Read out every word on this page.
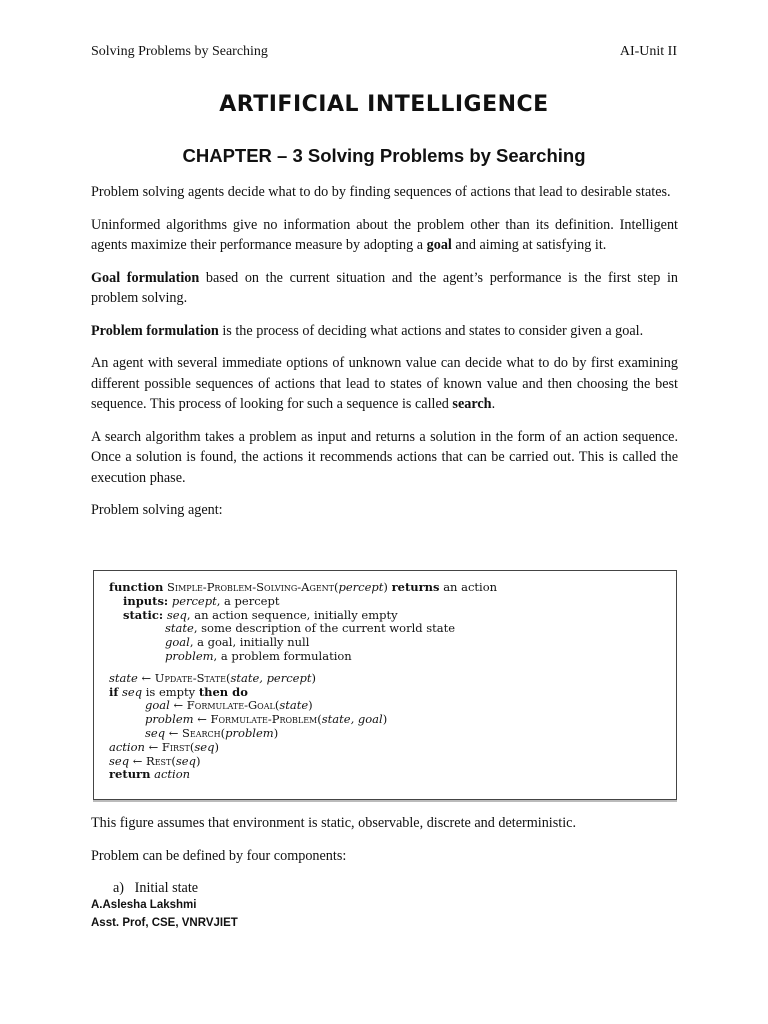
Solving Problems by Searching	AI-Unit II
ARTIFICIAL INTELLIGENCE
CHAPTER – 3 Solving Problems by Searching

Problem solving agents decide what to do by finding sequences of actions that lead to desirable states.

Uninformed algorithms give no information about the problem other than its definition. Intelligent agents maximize their performance measure by adopting a goal and aiming at satisfying it.

Goal formulation based on the current situation and the agent’s performance is the first step in problem solving.

Problem formulation is the process of deciding what actions and states to consider given a goal.

An agent with several immediate options of unknown value can decide what to do by first examining different possible sequences of actions that lead to states of known value and then choosing the best sequence. This process of looking for such a sequence is called search.

A search algorithm takes a problem as input and returns a solution in the form of an action sequence. Once a solution is found, the actions it recommends actions that can be carried out. This is called the execution phase.

Problem solving agent:

function Simple-Problem-Solving-Agent(percept) returns an action
inputs: percept, a percept
static: seq, an action sequence, initially empty
state, some description of the current world state
goal, a goal, initially null
problem, a problem formulation
state ← Update-State(state, percept)
if seq is empty then do
goal ← Formulate-Goal(state)
problem ← Formulate-Problem(state, goal)
seq ← Search(problem)
action ← First(seq)
seq ← Rest(seq)
return action

This figure assumes that environment is static, observable, discrete and deterministic.

Problem can be defined by four components:

a)   Initial state

A.Aslesha Lakshmi
Asst. Prof, CSE, VNRVJIET
